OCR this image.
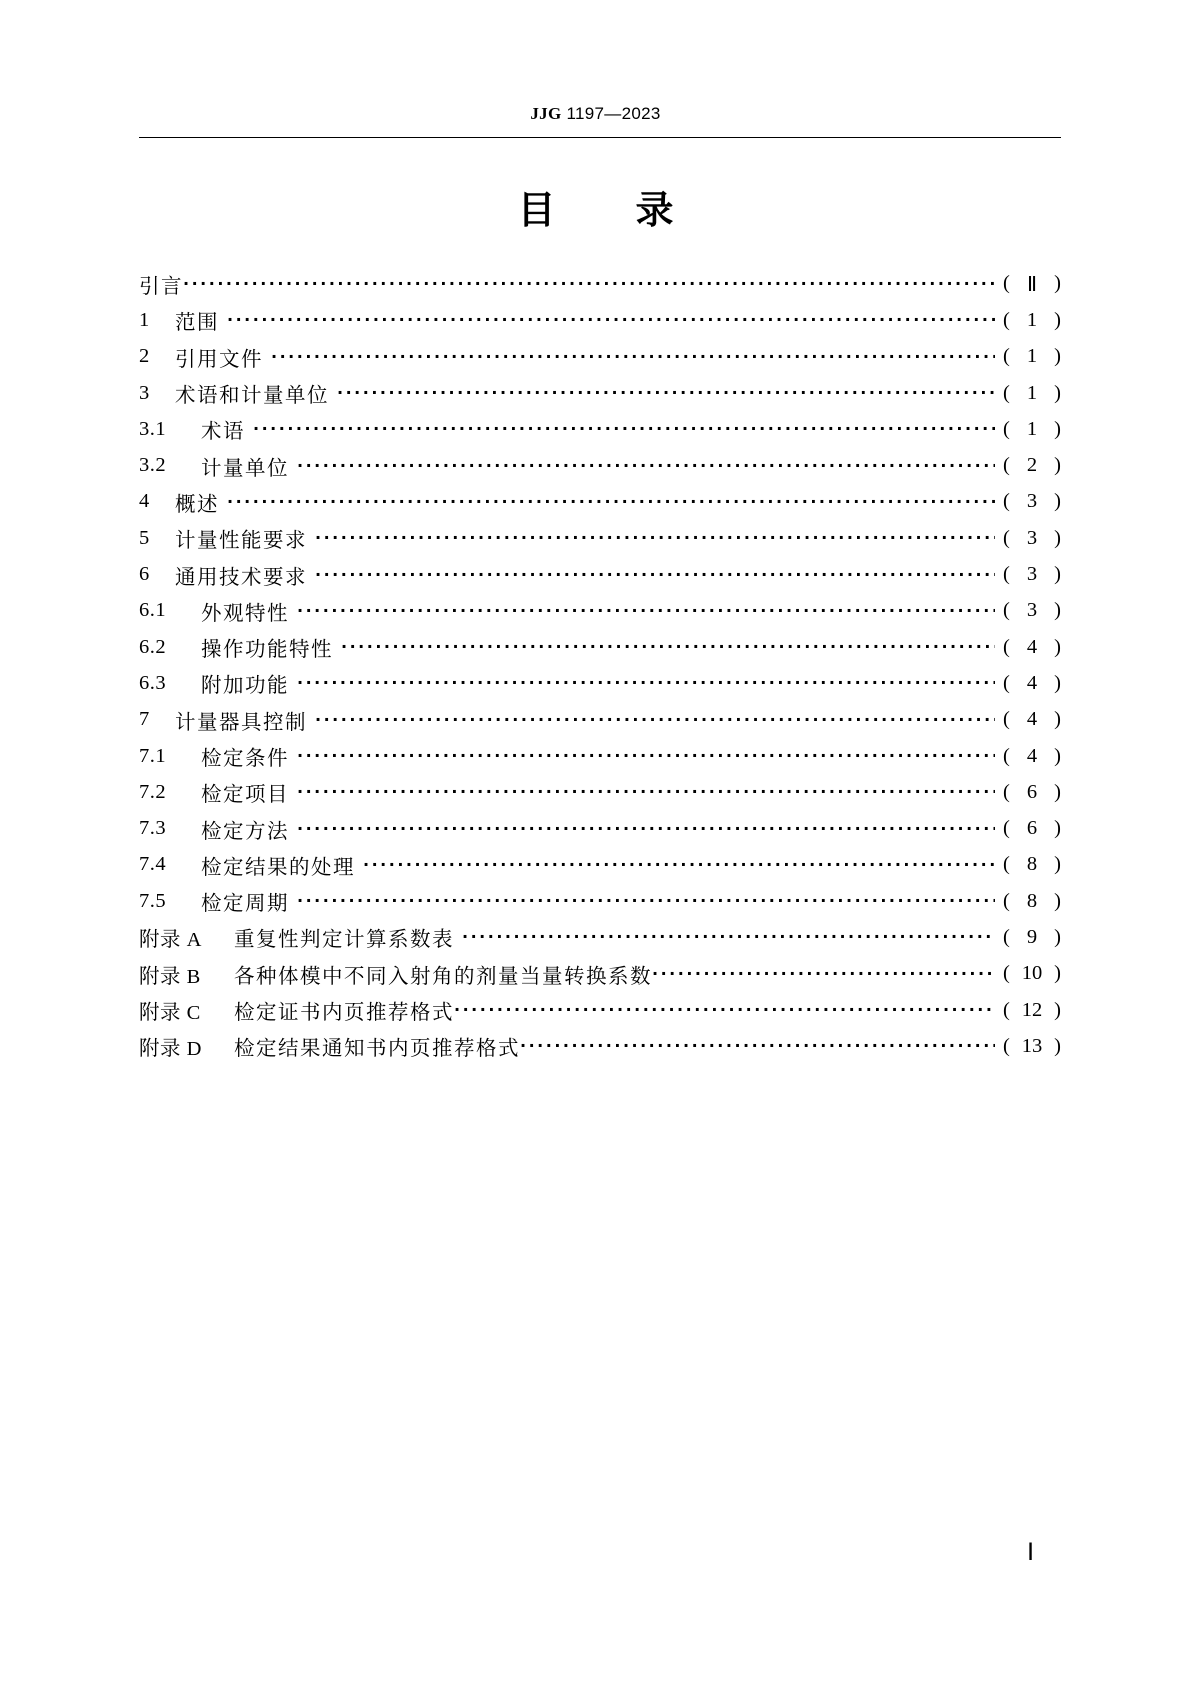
JJG 1197—2023
目 录
引言 ·····	( Ⅱ )
1	范围 ·····	( 1 )
2	引用文件 ·····	( 1 )
3	术语和计量单位 ·····	( 1 )
3.1	术语 ·····	( 1 )
3.2	计量单位 ·····	( 2 )
4	概述 ·····	( 3 )
5	计量性能要求 ·····	( 3 )
6	通用技术要求 ·····	( 3 )
6.1	外观特性 ·····	( 3 )
6.2	操作功能特性 ·····	( 4 )
6.3	附加功能 ·····	( 4 )
7	计量器具控制 ·····	( 4 )
7.1	检定条件 ·····	( 4 )
7.2	检定项目 ·····	( 6 )
7.3	检定方法 ·····	( 6 )
7.4	检定结果的处理 ·····	( 8 )
7.5	检定周期 ·····	( 8 )
附录 A	重复性判定计算系数表 ·····	( 9 )
附录 B	各种体模中不同入射角的剂量当量转换系数 ·····	( 10 )
附录 C	检定证书内页推荐格式 ·····	( 12 )
附录 D	检定结果通知书内页推荐格式 ·····	( 13 )
Ⅰ
